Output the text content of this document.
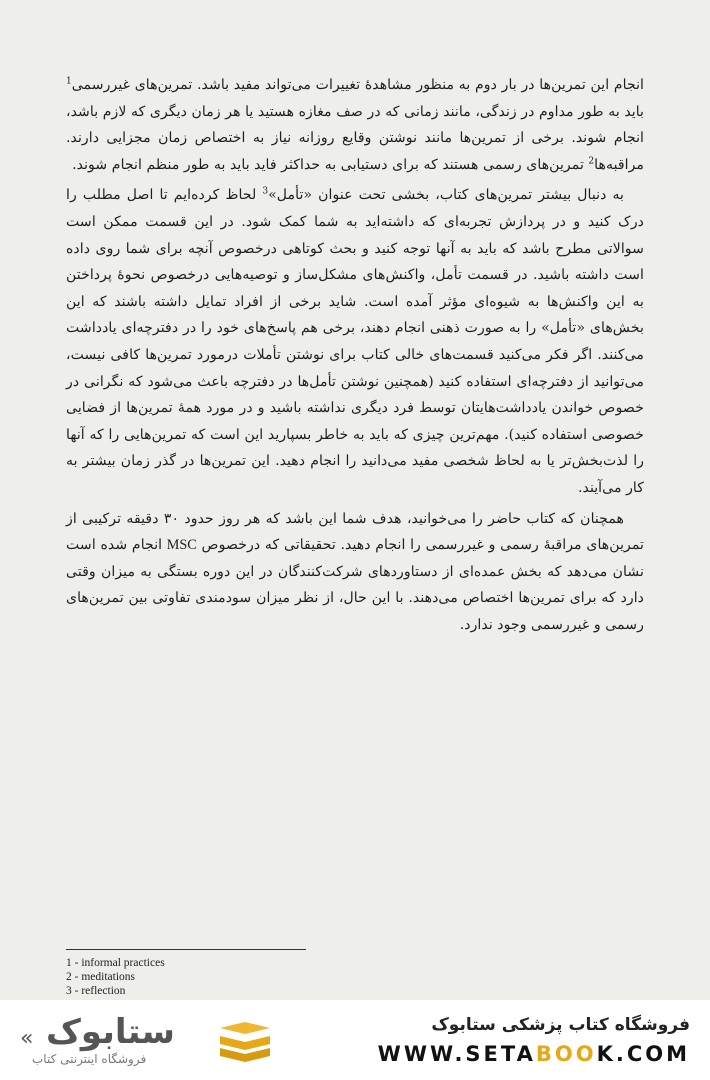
انجام این تمرین‌ها در بار دوم به منظور مشاهدهٔ تغییرات می‌تواند مفید باشد. تمرین‌های غیررسمی$^1$ باید به طور مداوم در زندگی، مانند زمانی که در صف مغازه هستید یا هر زمان دیگری که لازم باشد، انجام شوند. برخی از تمرین‌ها مانند نوشتن وقایع روزانه نیاز به اختصاص زمان مجزایی دارند. مراقبه‌ها$^2$ تمرین‌های رسمی هستند که برای دستیابی به حداکثر فاید باید به طور منظم انجام شوند.

به دنبال بیشتر تمرین‌های کتاب، بخشی تحت عنوان «تأمل»$^3$ لحاظ کرده‌ایم تا اصل مطلب را درک کنید و در پردازش تجربه‌ای که داشته‌اید به شما کمک شود. در این قسمت ممکن است سوالاتی مطرح باشد که باید به آنها توجه کنید و بحث کوتاهی درخصوص آنچه برای شما روی داده است داشته باشید. در قسمت تأمل، واکنش‌های مشکل‌ساز و توصیه‌هایی درخصوص نحوهٔ پرداختن به این واکنش‌ها به شیوه‌ای مؤثر آمده است. شاید برخی از افراد تمایل داشته باشند که این بخش‌های «تأمل» را به صورت ذهنی انجام دهند، برخی هم پاسخ‌های خود را در دفترچه‌ای یادداشت می‌کنند. اگر فکر می‌کنید قسمت‌های خالی کتاب برای نوشتن تأملات درمورد تمرین‌ها کافی نیست، می‌توانید از دفترچه‌ای استفاده کنید (همچنین نوشتن تأمل‌ها در دفترچه باعث می‌شود که نگرانی در خصوص خواندن یادداشت‌هایتان توسط فرد دیگری نداشته باشید و در مورد همهٔ تمرین‌ها از فضایی خصوصی استفاده کنید). مهم‌ترین چیزی که باید به خاطر بسپارید این است که تمرین‌هایی را که آنها را لذت‌بخش‌تر یا به لحاظ شخصی مفید می‌دانید را انجام دهید. این تمرین‌ها در گذر زمان بیشتر به کار می‌آیند.

همچنان که کتاب حاضر را می‌خوانید، هدف شما این باشد که هر روز حدود ۳۰ دقیقه ترکیبی از تمرین‌های مراقبهٔ رسمی و غیررسمی را انجام دهید. تحقیقاتی که درخصوص MSC انجام شده است نشان می‌دهد که بخش عمده‌ای از دستاوردهای شرکت‌کنندگان در این دوره بستگی به میزان وقتی دارد که برای تمرین‌ها اختصاص می‌دهند. با این حال، از نظر میزان سودمندی تفاوتی بین تمرین‌های رسمی و غیررسمی وجود ندارد.

1 - informal practices
2 - meditations
3 - reflection
« ستابوک
فروشگاه اینترنتی کتاب
فروشگاه کتاب پزشکی ستابوک
WWW.SETABOOK.COM
